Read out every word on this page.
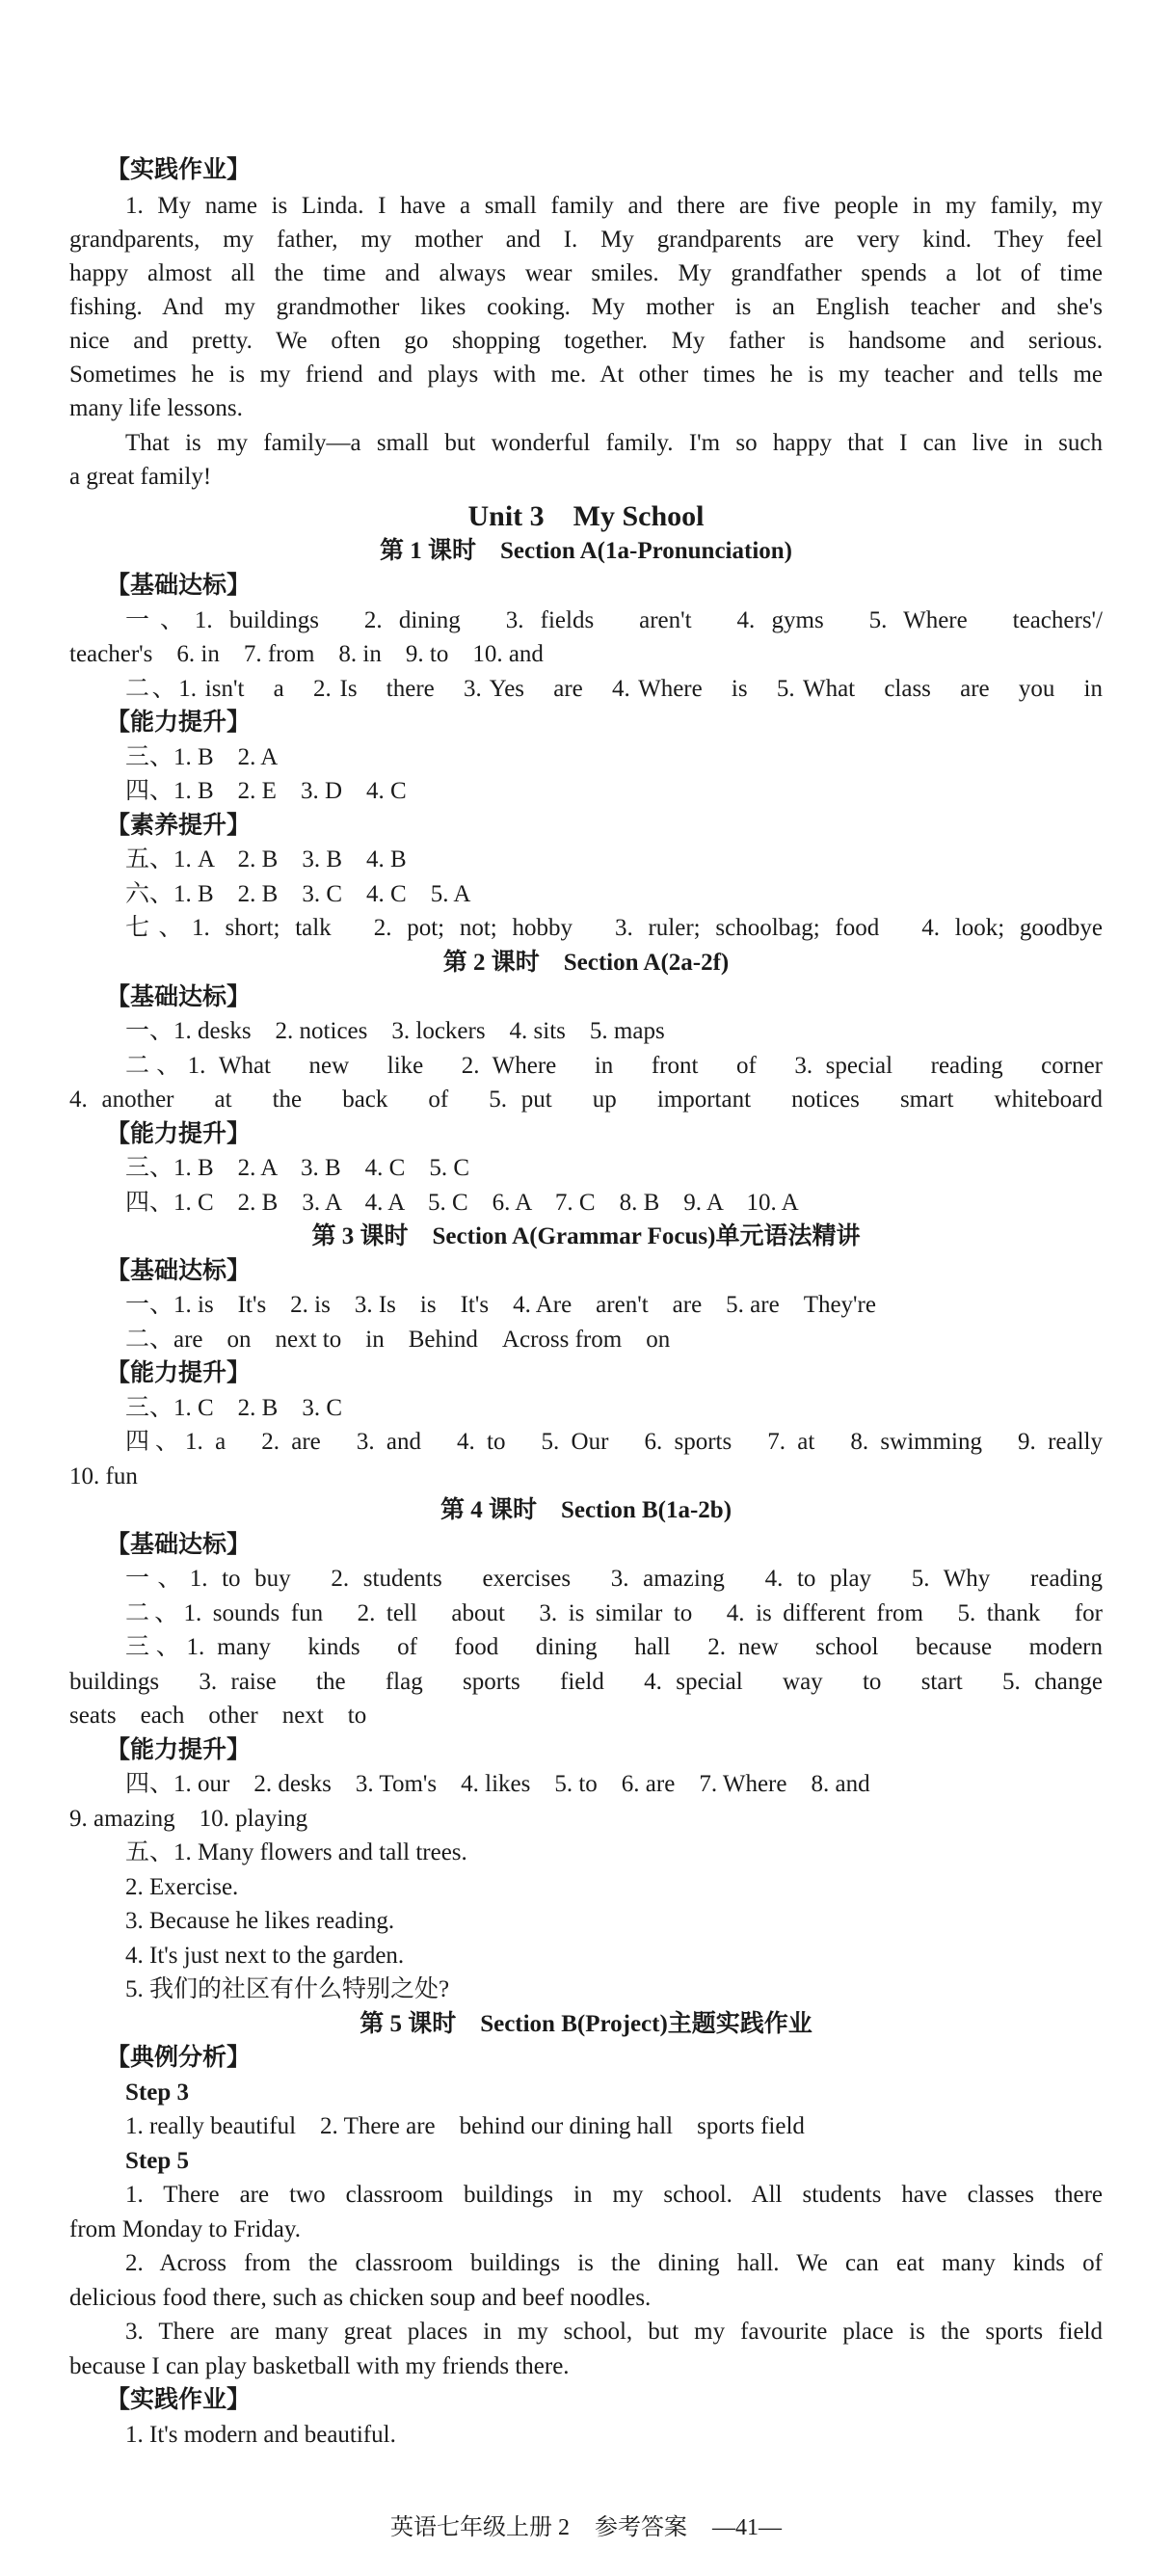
【实践作业】
1. My name is Linda. I have a small family and there are five people in my family, my
grandparents, my father, my mother and I. My grandparents are very kind. They feel
happy almost all the time and always wear smiles. My grandfather spends a lot of time
fishing. And my grandmother likes cooking. My mother is an English teacher and she's
nice and pretty. We often go shopping together. My father is handsome and serious.
Sometimes he is my friend and plays with me. At other times he is my teacher and tells me
many life lessons.
That is my family—a small but wonderful family. I'm so happy that I can live in such
a great family!
第 1 课时　Section A(1a-Pronunciation)
【基础达标】
一、1. buildings　2. dining　3. fields　aren't　4. gyms　5. Where　teachers'/
teacher's　6. in　7. from　8. in　9. to　10. and
二、1. isn't　a　2. Is　there　3. Yes　are　4. Where　is　5. What　class　are　you　in
【能力提升】
三、1. B　2. A
四、1. B　2. E　3. D　4. C
【素养提升】
五、1. A　2. B　3. B　4. B
六、1. B　2. B　3. C　4. C　5. A
七、1. short; talk　2. pot; not; hobby　3. ruler; schoolbag; food　4. look; goodbye
第 2 课时　Section A(2a-2f)
【基础达标】
一、1. desks　2. notices　3. lockers　4. sits　5. maps
二、1. What　new　like　2. Where　in　front　of　3. special　reading　corner
4. another　at　the　back　of　5. put　up　important　notices　smart　whiteboard
【能力提升】
三、1. B　2. A　3. B　4. C　5. C
四、1. C　2. B　3. A　4. A　5. C　6. A　7. C　8. B　9. A　10. A
第 3 课时　Section A(Grammar Focus)单元语法精讲
【基础达标】
一、1. is　It's　2. is　3. Is　is　It's　4. Are　aren't　are　5. are　They're
二、are　on　next to　in　Behind　Across from　on
【能力提升】
三、1. C　2. B　3. C
四、1. a　2. are　3. and　4. to　5. Our　6. sports　7. at　8. swimming　9. really
10. fun
第 4 课时　Section B(1a-2b)
【基础达标】
一、1. to buy　2. students　exercises　3. amazing　4. to play　5. Why　reading
二、1. sounds fun　2. tell　about　3. is similar to　4. is different from　5. thank　for
三、1. many　kinds　of　food　dining　hall　2. new　school　because　modern
buildings　3. raise　the　flag　sports　field　4. special　way　to　start　5. change
seats　each　other　next　to
【能力提升】
四、1. our　2. desks　3. Tom's　4. likes　5. to　6. are　7. Where　8. and
9. amazing　10. playing
五、1. Many flowers and tall trees.
2. Exercise.
3. Because he likes reading.
4. It's just next to the garden.
5. 我们的社区有什么特别之处?
第 5 课时　Section B(Project)主题实践作业
【典例分析】
Step 3
1. really beautiful　2. There are　behind our dining hall　sports field
Step 5
1. There are two classroom buildings in my school. All students have classes there
from Monday to Friday.
2. Across from the classroom buildings is the dining hall. We can eat many kinds of
delicious food there, such as chicken soup and beef noodles.
3. There are many great places in my school, but my favourite place is the sports field
because I can play basketball with my friends there.
【实践作业】
1. It's modern and beautiful.
Unit 3　My School
英语七年级上册 2 参考答案 —41—
